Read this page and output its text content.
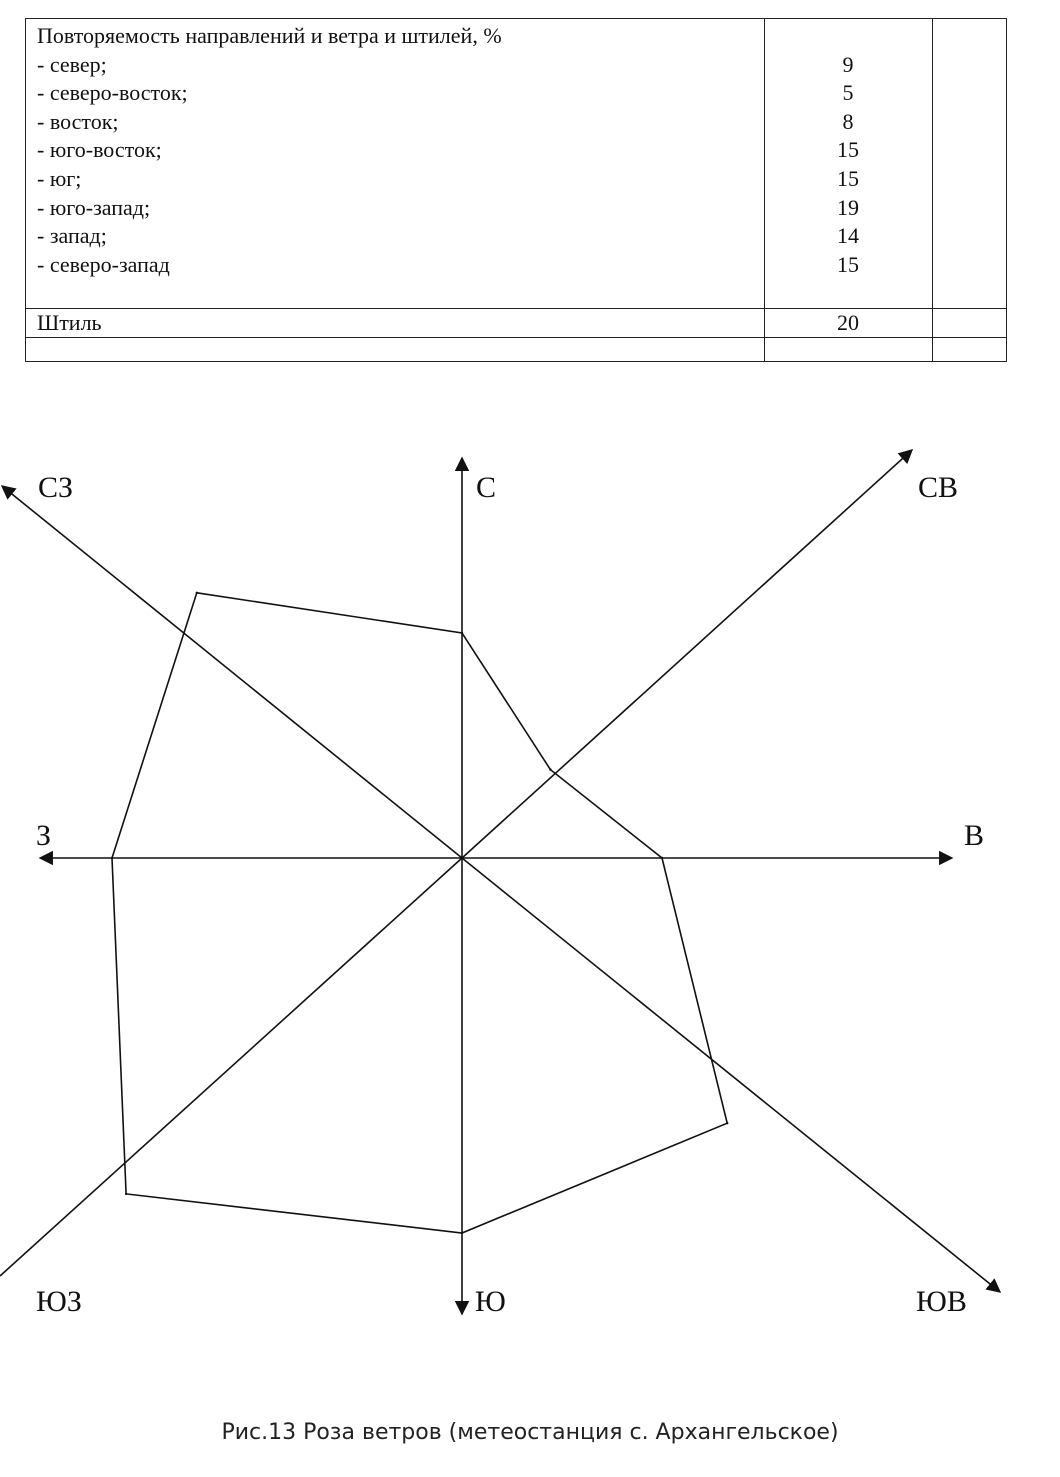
Повторяемость направлений и ветра и штилей, %
- север;
- северо-восток;
- восток;
- юго-восток;
- юг;
- юго-запад;
- запад;
- северо-запад
9
5
8
15
15
19
14
15
Штиль	20
С	СВ
В
ЮВ
Ю
ЮЗ
З
СЗ
Рис.13 Роза ветров (метеостанция с. Архангельское)
